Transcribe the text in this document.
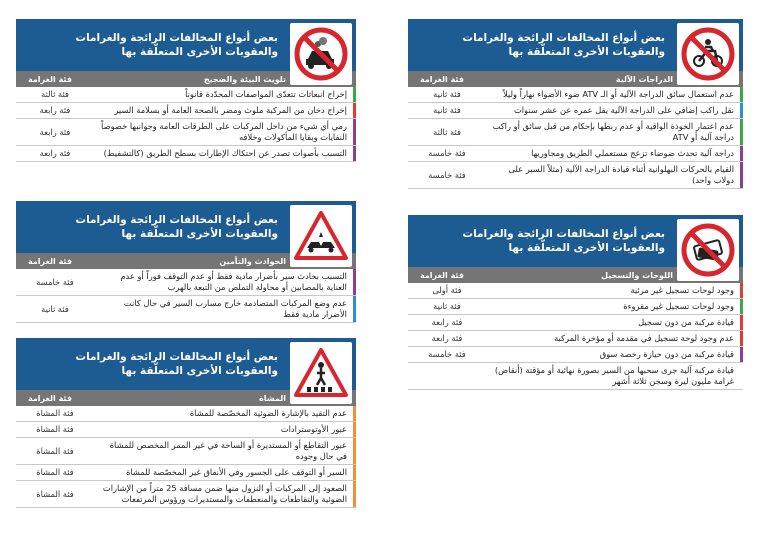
بعض أنواع المخالفات الرائجة والغرامات والعقوبات الأخرى المتعلّقة بها
الدراجات الآلية
فئة الغرامة
عدم استعمال سائق الدراجة الآلية أو الـ ATV ضوء الأضواء نهاراً وليلاً
فئة ثانية
نقل راكب إضافي على الدراجة الآلية يقل عمره عن عشر سنوات
فئة ثانية
عدم اعتمار الخوذة الواقية أو عدم ربطها بإحكام من قبل سائق أو راكب دراجة آلية أو ATV
فئة ثالثة
دراجة آلية تحدث ضوضاء تزعج مستعملي الطريق ومجاوريها
فئة خامسة
القيام بالحركات البهلوانية أثناء قيادة الدراجة الآلية (مثلاً السير على دولاب واحد)
فئة خامسة
بعض أنواع المخالفات الرائجة والغرامات والعقوبات الأخرى المتعلّقة بها
اللوحات والتسجيل
فئة الغرامة
وجود لوحات تسجيل غير مرئية
فئة أولى
وجود لوحات تسجيل غير مقروءة
فئة ثانية
قيادة مركبة من دون تسجيل
فئة رابعة
عدم وجود لوحة تسجيل في مقدمة أو مؤخرة المركبة
فئة رابعة
قيادة مركبة من دون حيازة رخصة سوق
فئة خامسة
قيادة مركبة آلية جرى سحبها من السير بصورة نهائية أو مؤقتة (أنقاض) غرامة مليون ليرة وسجن ثلاثة أشهر
بعض أنواع المخالفات الرائجة والغرامات والعقوبات الأخرى المتعلّقة بها
تلويث البيئة والضجيج
فئة الغرامة
إخراج انبعاثات تتعدّى المواصفات المحدّدة قانوناً
فئة ثالثة
إخراج دخان من المركبة ملوث ومضر بالصحة العامة أو بسلامة السير
فئة رابعة
رمي أي شيء من داخل المركبات على الطرقات العامة وجوانبها خصوصاً النفايات وبقايا المأكولات وخلافه
فئة رابعة
التسبب بأصوات تصدر عن احتكاك الإطارات بسطح الطريق (كالتشفيط)
فئة رابعة
بعض أنواع المخالفات الرائجة والغرامات والعقوبات الأخرى المتعلّقة بها
الحوادث والتأمين
فئة الغرامة
التسبب بحادث سير بأضرار مادية فقط أو عدم التوقف فوراً أو عدم العناية بالمصابين أو محاولة التملص من التبعة بالهرب
فئة خامسة
عدم وضع المركبات المتصادمة خارج مسارب السير في حال كانت الأضرار مادية فقط
فئة ثانية
بعض أنواع المخالفات الرائجة والغرامات والعقوبات الأخرى المتعلّقة بها
المشاة
فئة الغرامة
عدم التقيد بالإشارة الضوئية المخصّصة للمشاة
فئة المشاة
عبور الأوتوسترادات
فئة المشاة
عبور التقاطع أو المستديرة أو الساحة في غير الممر المخصص للمشاة في حال وجوده
فئة المشاة
السير أو التوقف على الجسور وفي الأنفاق غير المخصّصة للمشاة
فئة المشاة
الصعود إلى المركبات أو النزول منها ضمن مسافة 25 متراً من الإشارات الضوئية والتقاطعات والمنعطفات والمستديرات ورؤوس المرتفعات
فئة المشاة
